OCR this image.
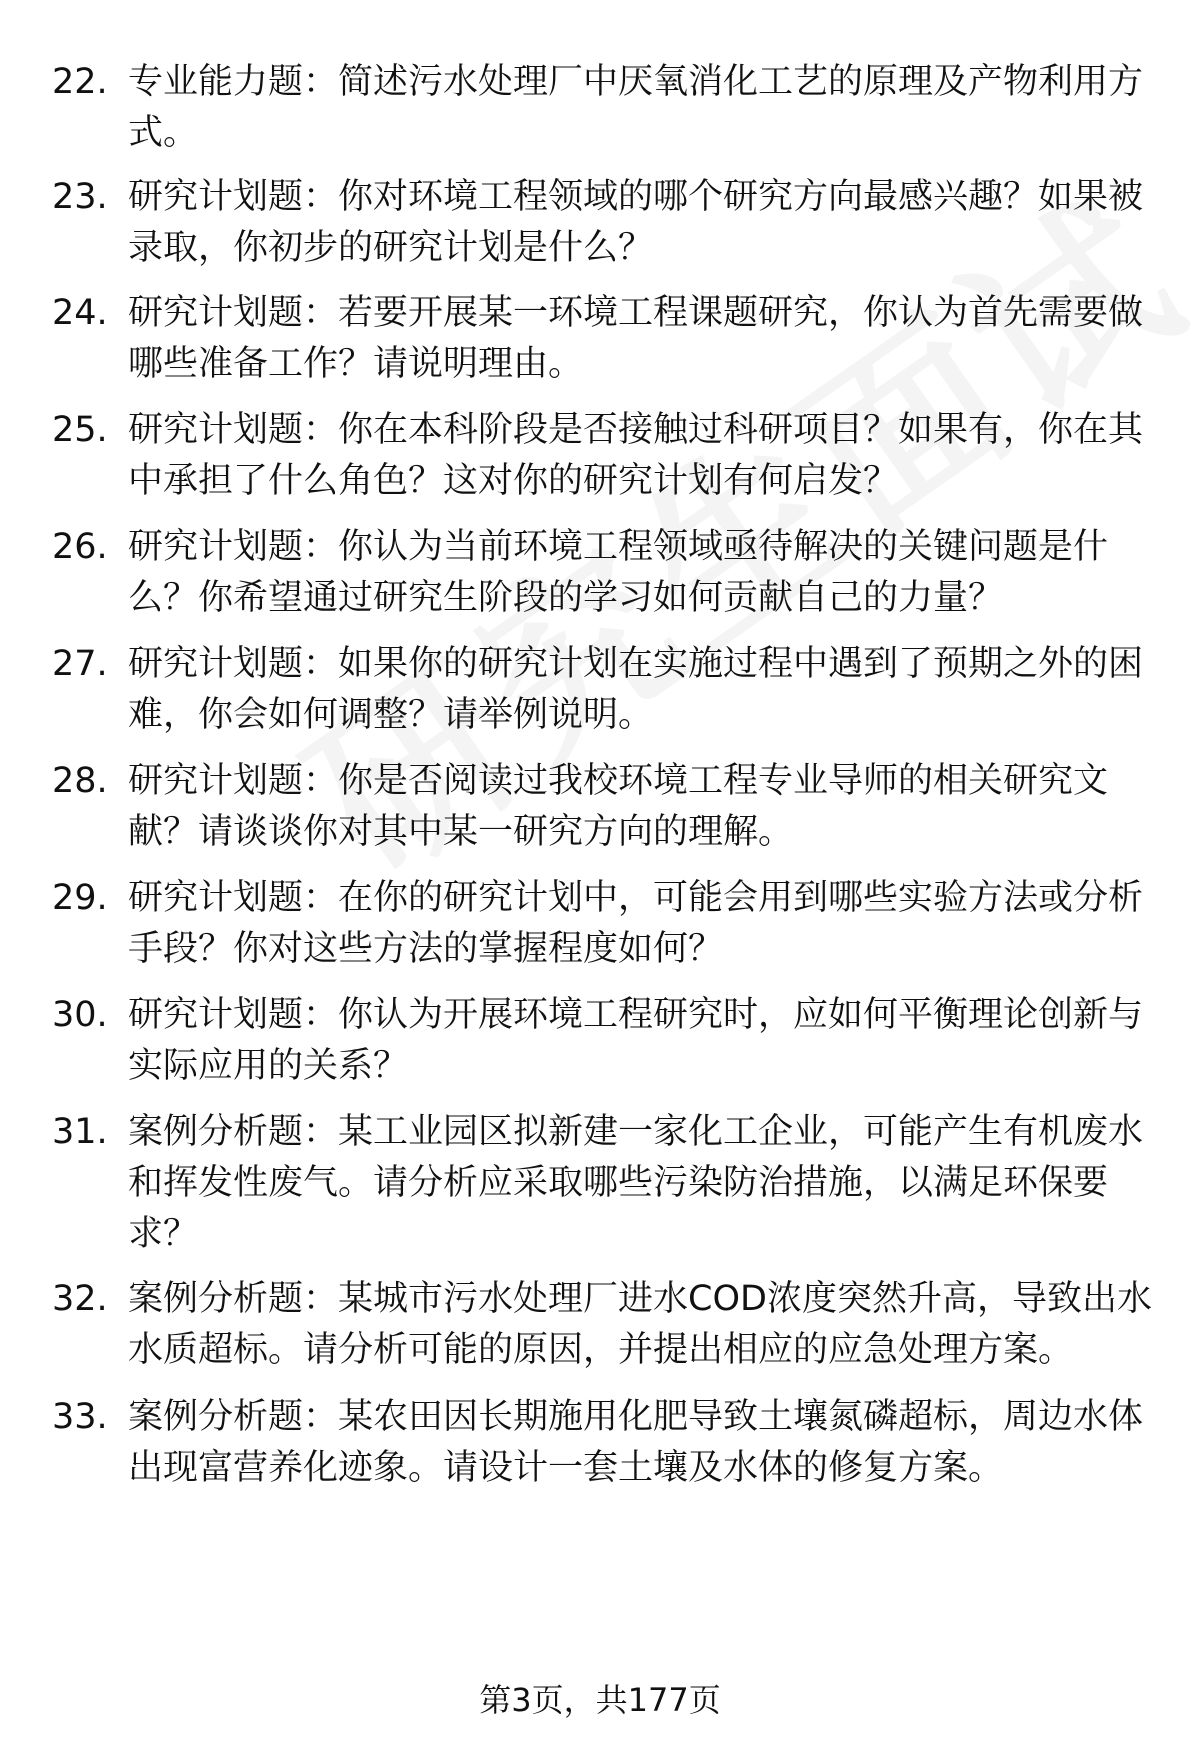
22. 专业能力题：简述污水处理厂中厌氧消化工艺的原理及产物利用方式。
23. 研究计划题：你对环境工程领域的哪个研究方向最感兴趣？如果被录取，你初步的研究计划是什么？
24. 研究计划题：若要开展某一环境工程课题研究，你认为首先需要做哪些准备工作？请说明理由。
25. 研究计划题：你在本科阶段是否接触过科研项目？如果有，你在其中承担了什么角色？这对你的研究计划有何启发？
26. 研究计划题：你认为当前环境工程领域亟待解决的关键问题是什么？你希望通过研究生阶段的学习如何贡献自己的力量？
27. 研究计划题：如果你的研究计划在实施过程中遇到了预期之外的困难，你会如何调整？请举例说明。
28. 研究计划题：你是否阅读过我校环境工程专业导师的相关研究文献？请谈谈你对其中某一研究方向的理解。
29. 研究计划题：在你的研究计划中，可能会用到哪些实验方法或分析手段？你对这些方法的掌握程度如何？
30. 研究计划题：你认为开展环境工程研究时，应如何平衡理论创新与实际应用的关系？
31. 案例分析题：某工业园区拟新建一家化工企业，可能产生有机废水和挥发性废气。请分析应采取哪些污染防治措施，以满足环保要求？
32. 案例分析题：某城市污水处理厂进水COD浓度突然升高，导致出水水质超标。请分析可能的原因，并提出相应的应急处理方案。
33. 案例分析题：某农田因长期施用化肥导致土壤氮磷超标，周边水体出现富营养化迹象。请设计一套土壤及水体的修复方案。
第3页，共177页
